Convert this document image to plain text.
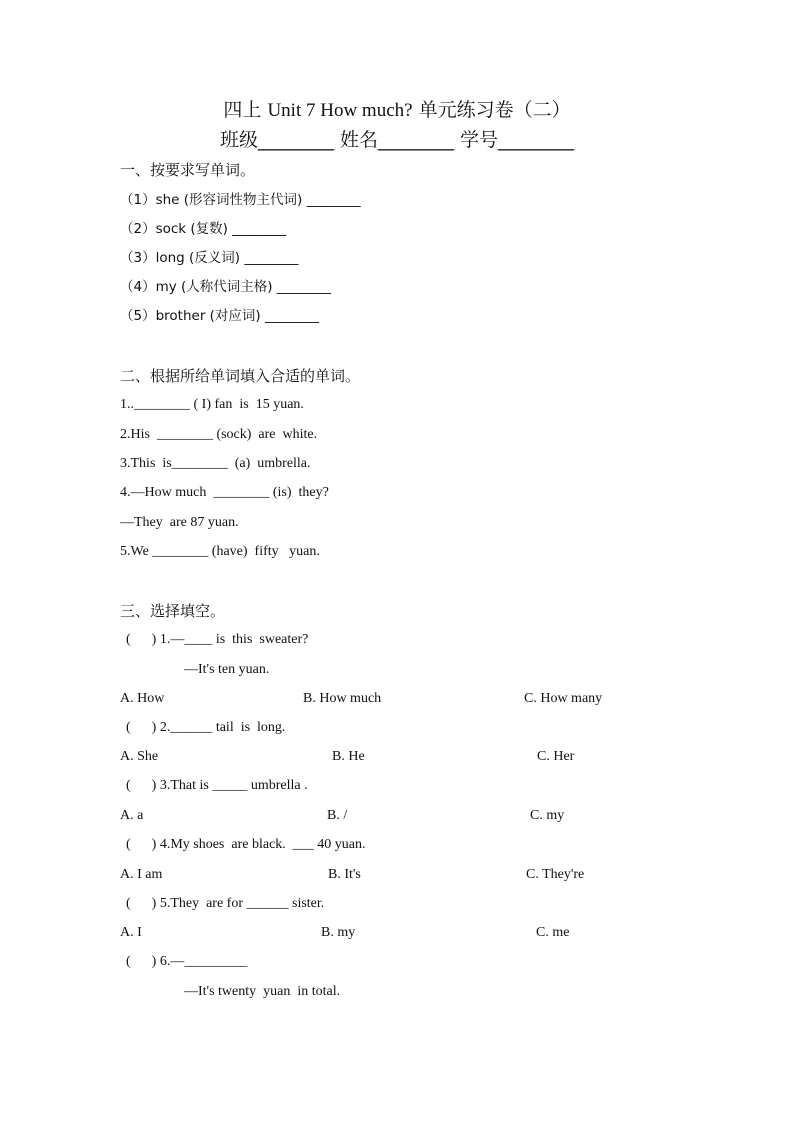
四上 Unit 7 How much? 单元练习卷（二）
班级________ 姓名________ 学号________
一、按要求写单词。
（1）she (形容词性物主代词) ________
（2）sock (复数) ________
（3）long (反义词) ________
（4）my (人称代词主格) ________
（5）brother (对应词) ________
二、根据所给单词填入合适的单词。
1..________ ( I) fan  is  15 yuan.
2.His  ________ (sock)  are  white.
3.This  is________  (a)  umbrella.
4.—How much  ________ (is)  they?
—They  are 87 yuan.
5.We ________ (have)  fifty   yuan.
三、选择填空。
(      ) 1.—____ is  this  sweater?
—It's ten yuan.
A. How	B. How much	C. How many
(      ) 2.______ tail  is  long.
A. She	B. He	C. Her
(      ) 3.That is _____ umbrella .
A. a	B. /	C. my
(      ) 4.My shoes  are black.  ___ 40 yuan.
A. I am	B. It's	C. They're
(      ) 5.They  are for ______ sister.
A. I	B. my	C. me
(      ) 6.—_________
—It's twenty  yuan  in total.
